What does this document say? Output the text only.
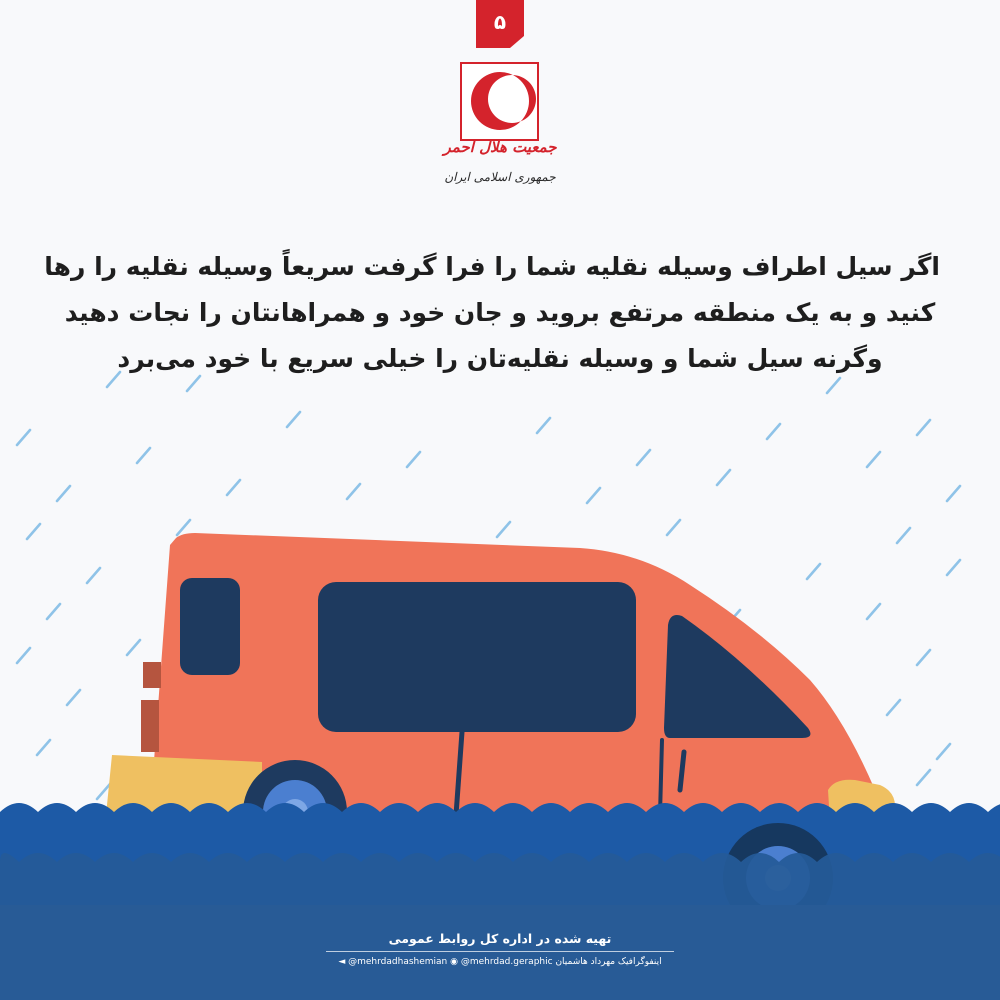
۵
جمعیت هلال احمر
جمهوری اسلامی ایران
اگر سیل اطراف وسیله نقلیه شما را فرا گرفت سریعاً وسیله نقلیه را رها
کنید و به یک منطقه مرتفع بروید و جان خود و همراهانتان را نجات دهید
وگرنه سیل شما و وسیله نقلیه‌تان را خیلی سریع با خود می‌برد
تهیه شده در اداره کل روابط عمومی
◄ @mehrdadhashemian ◉ @mehrdad.geraphic اینفوگرافیک مهرداد هاشمیان
